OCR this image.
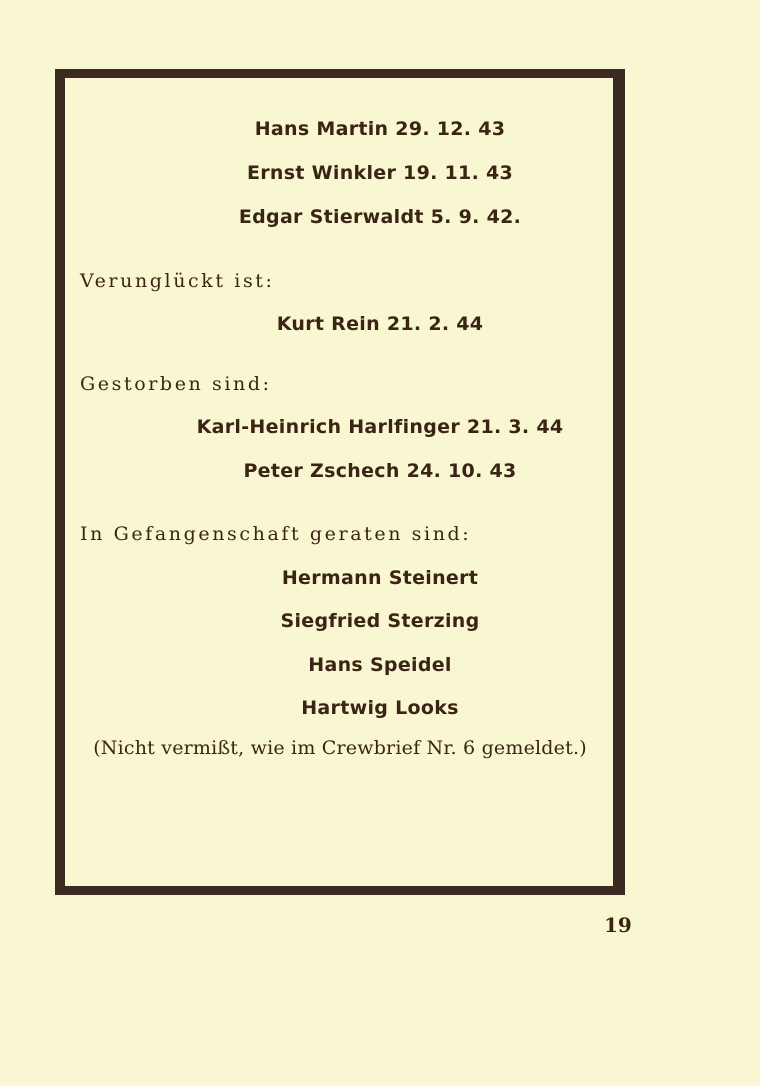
Hans Martin 29. 12. 43
Ernst Winkler 19. 11. 43
Edgar Stierwaldt 5. 9. 42.
Verunglückt ist:
Kurt Rein 21. 2. 44
Gestorben sind:
Karl-Heinrich Harlfinger 21. 3. 44
Peter Zschech 24. 10. 43
In Gefangenschaft geraten sind:
Hermann Steinert
Siegfried Sterzing
Hans Speidel
Hartwig Looks
(Nicht vermißt, wie im Crewbrief Nr. 6 gemeldet.)
19
